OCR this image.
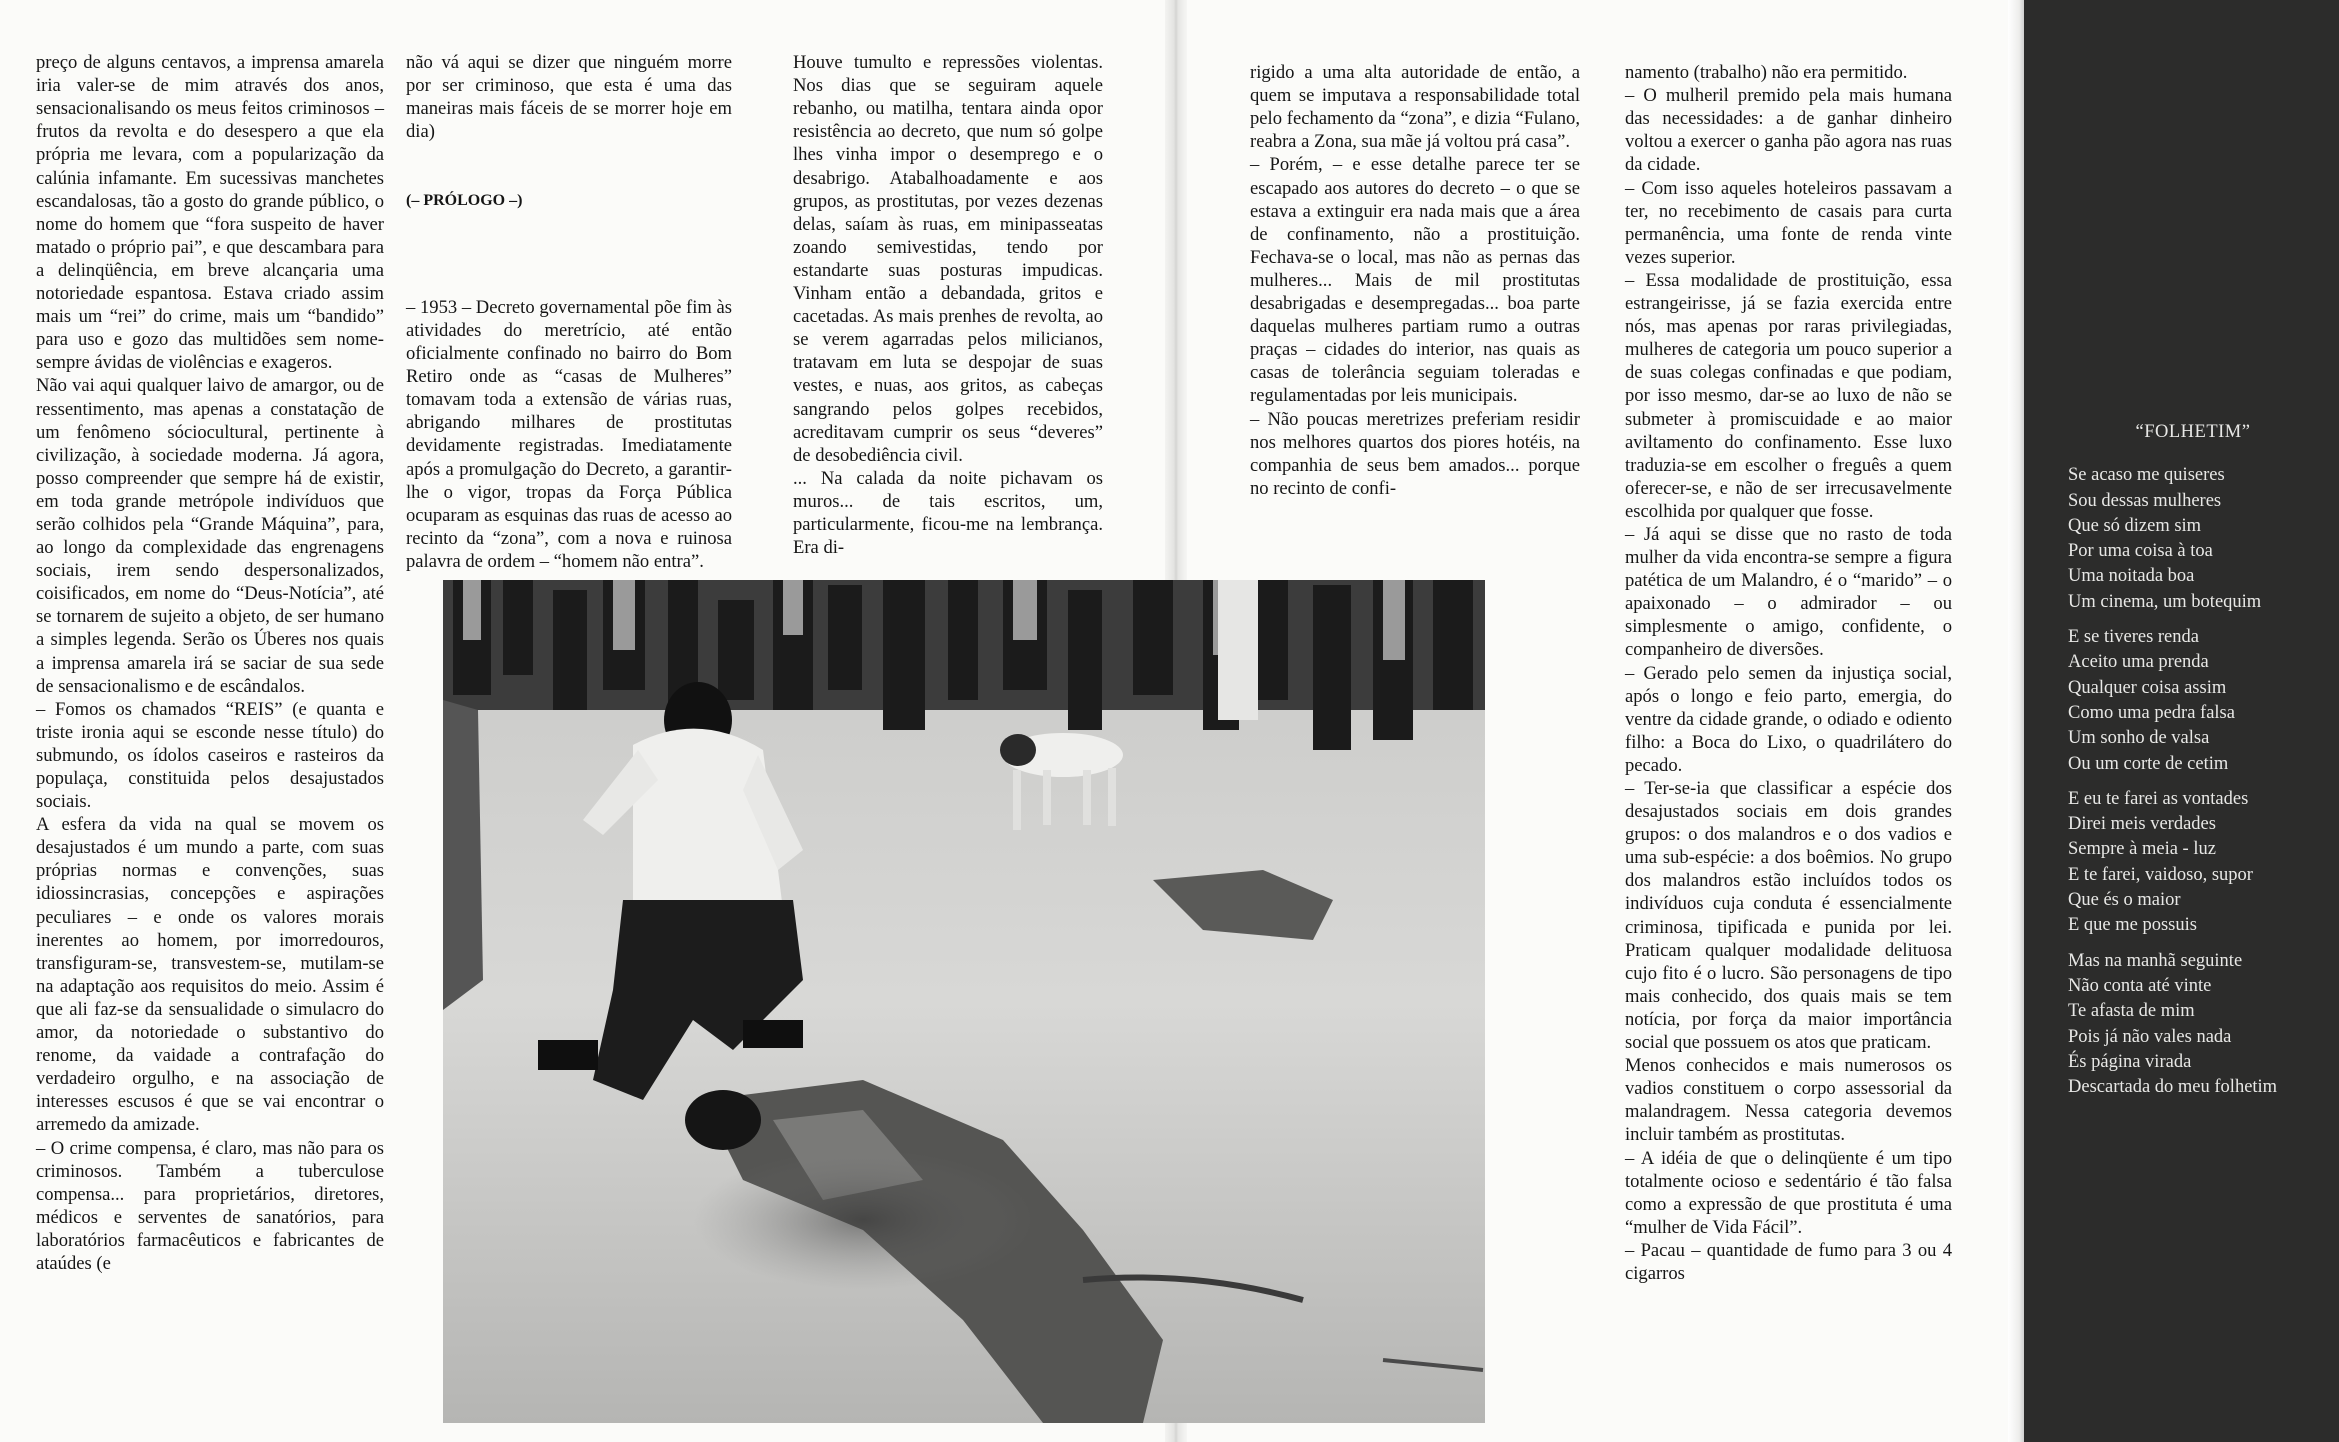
preço de alguns centavos, a imprensa amarela iria valer-se de mim através dos anos, sensacionalisando os meus feitos criminosos – frutos da revolta e do desespero a que ela própria me levara, com a popularização da calúnia infamante. Em sucessivas manchetes escandalosas, tão a gosto do grande público, o nome do homem que “fora suspeito de haver matado o próprio pai”, e que descambara para a delinqüência, em breve alcançaria uma notoriedade espantosa. Estava criado assim mais um “rei” do crime, mais um “bandido” para uso e gozo das multidões sem nome-sempre ávidas de violências e exageros.
Não vai aqui qualquer laivo de amargor, ou de ressentimento, mas apenas a constatação de um fenômeno sóciocultural, pertinente à civilização, à sociedade moderna. Já agora, posso compreender que sempre há de existir, em toda grande metrópole indivíduos que serão colhidos pela “Grande Máquina”, para, ao longo da complexidade das engrenagens sociais, irem sendo despersonalizados, coisificados, em nome do “Deus-Notícia”, até se tornarem de sujeito a objeto, de ser humano a simples legenda. Serão os Úberes nos quais a imprensa amarela irá se saciar de sua sede de sensacionalismo e de escândalos.
– Fomos os chamados “REIS” (e quanta e triste ironia aqui se esconde nesse título) do submundo, os ídolos caseiros e rasteiros da populaça, constituida pelos desajustados sociais.
A esfera da vida na qual se movem os desajustados é um mundo a parte, com suas próprias normas e convenções, suas idiossincrasias, concepções e aspirações peculiares – e onde os valores morais inerentes ao homem, por imorredouros, transfiguram-se, transvestem-se, mutilam-se na adaptação aos requisitos do meio. Assim é que ali faz-se da sensualidade o simulacro do amor, da notoriedade o substantivo do renome, da vaidade a contrafação do verdadeiro orgulho, e na associação de interesses escusos é que se vai encontrar o arremedo da amizade.
– O crime compensa, é claro, mas não para os criminosos. Também a tuberculose compensa... para proprietários, diretores, médicos e serventes de sanatórios, para laboratórios farmacêuticos e fabricantes de ataúdes (e

não vá aqui se dizer que ninguém morre por ser criminoso, que esta é uma das maneiras mais fáceis de se morrer hoje em dia)

(– PRÓLOGO –)

– 1953 – Decreto governamental põe fim às atividades do meretrício, até então oficialmente confinado no bairro do Bom Retiro onde as “casas de Mulheres” tomavam toda a extensão de várias ruas, abrigando milhares de prostitutas devidamente registradas. Imediatamente após a promulgação do Decreto, a garantir-lhe o vigor, tropas da Força Pública ocuparam as esquinas das ruas de acesso ao recinto da “zona”, com a nova e ruinosa palavra de ordem – “homem não entra”.

Houve tumulto e repressões violentas. Nos dias que se seguiram aquele rebanho, ou matilha, tentara ainda opor resistência ao decreto, que num só golpe lhes vinha impor o desemprego e o desabrigo. Atabalhoadamente e aos grupos, as prostitutas, por vezes dezenas delas, saíam às ruas, em minipasseatas zoando semivestidas, tendo por estandarte suas posturas impudicas. Vinham então a debandada, gritos e cacetadas. As mais prenhes de revolta, ao se verem agarradas pelos milicianos, tratavam em luta se despojar de suas vestes, e nuas, aos gritos, as cabeças sangrando pelos golpes recebidos, acreditavam cumprir os seus “deveres” de desobediência civil.
... Na calada da noite pichavam os muros... de tais escritos, um, particularmente, ficou-me na lembrança. Era di-

rigido a uma alta autoridade de então, a quem se imputava a responsabilidade total pelo fechamento da “zona”, e dizia “Fulano, reabra a Zona, sua mãe já voltou prá casa”.
– Porém, – e esse detalhe parece ter se escapado aos autores do decreto – o que se estava a extinguir era nada mais que a área de confinamento, não a prostituição. Fechava-se o local, mas não as pernas das mulheres... Mais de mil prostitutas desabrigadas e desempregadas... boa parte daquelas mulheres partiam rumo a outras praças – cidades do interior, nas quais as casas de tolerância seguiam toleradas e regulamentadas por leis municipais.
– Não poucas meretrizes preferiam residir nos melhores quartos dos piores hotéis, na companhia de seus bem amados... porque no recinto de confi-

namento (trabalho) não era permitido.
– O mulheril premido pela mais humana das necessidades: a de ganhar dinheiro voltou a exercer o ganha pão agora nas ruas da cidade.
– Com isso aqueles hoteleiros passavam a ter, no recebimento de casais para curta permanência, uma fonte de renda vinte vezes superior.
– Essa modalidade de prostituição, essa estrangeirisse, já se fazia exercida entre nós, mas apenas por raras privilegiadas, mulheres de categoria um pouco superior a de suas colegas confinadas e que podiam, por isso mesmo, dar-se ao luxo de não se submeter à promiscuidade e ao maior aviltamento do confinamento. Esse luxo traduzia-se em escolher o freguês a quem oferecer-se, e não de ser irrecusavelmente escolhida por qualquer que fosse.
– Já aqui se disse que no rasto de toda mulher da vida encontra-se sempre a figura patética de um Malandro, é o “marido” – o apaixonado – o admirador – ou simplesmente o amigo, confidente, o companheiro de diversões.
– Gerado pelo semen da injustiça social, após o longo e feio parto, emergia, do ventre da cidade grande, o odiado e odiento filho: a Boca do Lixo, o quadrilátero do pecado.
– Ter-se-ia que classificar a espécie dos desajustados sociais em dois grandes grupos: o dos malandros e o dos vadios e uma sub-espécie: a dos boêmios. No grupo dos malandros estão incluídos todos os indivíduos cuja conduta é essencialmente criminosa, tipificada e punida por lei. Praticam qualquer modalidade delituosa cujo fito é o lucro. São personagens de tipo mais conhecido, dos quais mais se tem notícia, por força da maior importância social que possuem os atos que praticam.
Menos conhecidos e mais numerosos os vadios constituem o corpo assessorial da malandragem. Nessa categoria devemos incluir também as prostitutas.
– A idéia de que o delinqüente é um tipo totalmente ocioso e sedentário é tão falsa como a expressão de que prostituta é uma “mulher de Vida Fácil”.
– Pacau – quantidade de fumo para 3 ou 4 cigarros

“FOLHETIM”
Se acaso me quiseres
Sou dessas mulheres
Que só dizem sim
Por uma coisa à toa
Uma noitada boa
Um cinema, um botequim
E se tiveres renda
Aceito uma prenda
Qualquer coisa assim
Como uma pedra falsa
Um sonho de valsa
Ou um corte de cetim
E eu te farei as vontades
Direi meis verdades
Sempre à meia - luz
E te farei, vaidoso, supor
Que és o maior
E que me possuis
Mas na manhã seguinte
Não conta até vinte
Te afasta de mim
Pois já não vales nada
És página virada
Descartada do meu folhetim
